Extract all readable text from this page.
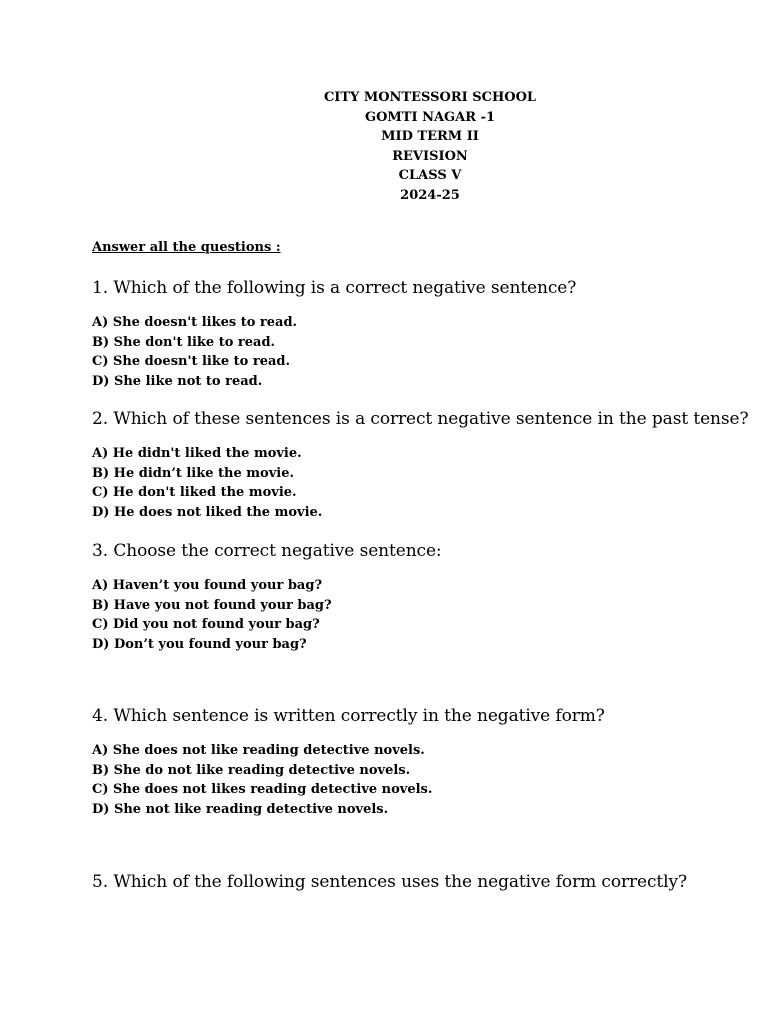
CITY MONTESSORI SCHOOL
GOMTI NAGAR -1
MID TERM II
REVISION
CLASS V
2024-25
Answer all the questions :
1. Which of the following is a correct negative sentence?
A) She doesn't likes to read.
B) She don't like to read.
C) She doesn't like to read.
D) She like not to read.
2. Which of these sentences is a correct negative sentence in the past tense?
A) He didn't liked the movie.
B) He didn’t like the movie.
C) He don't liked the movie.
D) He does not liked the movie.
3. Choose the correct negative sentence:
A) Haven’t you found your bag?
B) Have you not found your bag?
C) Did you not found your bag?
D) Don’t you found your bag?
4. Which sentence is written correctly in the negative form?
A) She does not like reading detective novels.
B) She do not like reading detective novels.
C) She does not likes reading detective novels.
D) She not like reading detective novels.
5. Which of the following sentences uses the negative form correctly?
